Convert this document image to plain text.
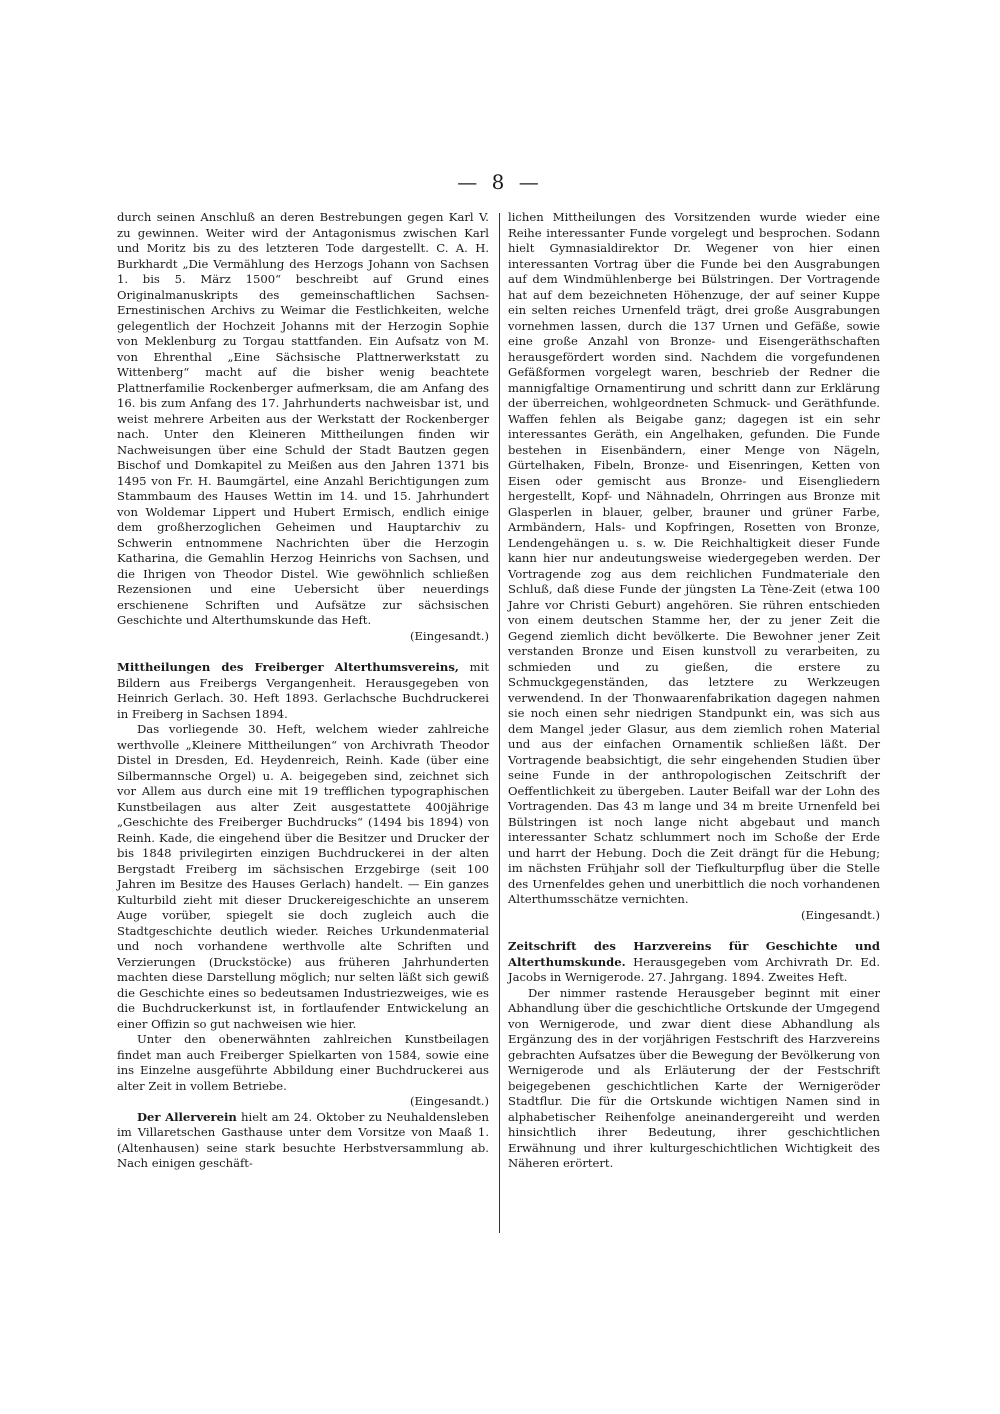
— 8 —

durch seinen Anschluß an deren Bestrebungen gegen Karl V. zu gewinnen. Weiter wird der Antagonismus zwischen Karl und Moritz bis zu des letzteren Tode dargestellt. C. A. H. Burkhardt „Die Vermählung des Herzogs Johann von Sachsen 1. bis 5. März 1500“ beschreibt auf Grund eines Originalmanuskripts des gemeinschaftlichen Sachsen-Ernestinischen Archivs zu Weimar die Festlichkeiten, welche gelegentlich der Hochzeit Johanns mit der Herzogin Sophie von Meklenburg zu Torgau stattfanden. Ein Aufsatz von M. von Ehrenthal „Eine Sächsische Plattnerwerkstatt zu Wittenberg“ macht auf die bisher wenig beachtete Plattnerfamilie Rockenberger aufmerksam, die am Anfang des 16. bis zum Anfang des 17. Jahrhunderts nachweisbar ist, und weist mehrere Arbeiten aus der Werkstatt der Rockenberger nach. Unter den Kleineren Mittheilungen finden wir Nachweisungen über eine Schuld der Stadt Bautzen gegen Bischof und Domkapitel zu Meißen aus den Jahren 1371 bis 1495 von Fr. H. Baumgärtel, eine Anzahl Berichtigungen zum Stammbaum des Hauses Wettin im 14. und 15. Jahrhundert von Woldemar Lippert und Hubert Ermisch, endlich einige dem großherzoglichen Geheimen und Hauptarchiv zu Schwerin entnommene Nachrichten über die Herzogin Katharina, die Gemahlin Herzog Heinrichs von Sachsen, und die Ihrigen von Theodor Distel. Wie gewöhnlich schließen Rezensionen und eine Uebersicht über neuerdings erschienene Schriften und Aufsätze zur sächsischen Geschichte und Alterthumskunde das Heft.

(Eingesandt.)

Mittheilungen des Freiberger Alterthumsvereins, mit Bildern aus Freibergs Vergangenheit. Herausgegeben von Heinrich Gerlach. 30. Heft 1893. Gerlachsche Buchdruckerei in Freiberg in Sachsen 1894.

Das vorliegende 30. Heft, welchem wieder zahlreiche werthvolle „Kleinere Mittheilungen“ von Archivrath Theodor Distel in Dresden, Ed. Heydenreich, Reinh. Kade (über eine Silbermannsche Orgel) u. A. beigegeben sind, zeichnet sich vor Allem aus durch eine mit 19 trefflichen typographischen Kunstbeilagen aus alter Zeit ausgestattete 400jährige „Geschichte des Freiberger Buchdrucks“ (1494 bis 1894) von Reinh. Kade, die eingehend über die Besitzer und Drucker der bis 1848 privilegirten einzigen Buchdruckerei in der alten Bergstadt Freiberg im sächsischen Erzgebirge (seit 100 Jahren im Besitze des Hauses Gerlach) handelt. — Ein ganzes Kulturbild zieht mit dieser Druckereigeschichte an unserem Auge vorüber, spiegelt sie doch zugleich auch die Stadtgeschichte deutlich wieder. Reiches Urkundenmaterial und noch vorhandene werthvolle alte Schriften und Verzierungen (Druckstöcke) aus früheren Jahrhunderten machten diese Darstellung möglich; nur selten läßt sich gewiß die Geschichte eines so bedeutsamen Industriezweiges, wie es die Buchdruckerkunst ist, in fortlaufender Entwickelung an einer Offizin so gut nachweisen wie hier.

Unter den obenerwähnten zahlreichen Kunstbeilagen findet man auch Freiberger Spielkarten von 1584, sowie eine ins Einzelne ausgeführte Abbildung einer Buchdruckerei aus alter Zeit in vollem Betriebe.

(Eingesandt.)

Der Allerverein hielt am 24. Oktober zu Neuhaldensleben im Villaretschen Gasthause unter dem Vorsitze von Maaß 1. (Altenhausen) seine stark besuchte Herbstversammlung ab. Nach einigen geschäft-

lichen Mittheilungen des Vorsitzenden wurde wieder eine Reihe interessanter Funde vorgelegt und besprochen. Sodann hielt Gymnasialdirektor Dr. Wegener von hier einen interessanten Vortrag über die Funde bei den Ausgrabungen auf dem Windmühlenberge bei Bülstringen. Der Vortragende hat auf dem bezeichneten Höhenzuge, der auf seiner Kuppe ein selten reiches Urnenfeld trägt, drei große Ausgrabungen vornehmen lassen, durch die 137 Urnen und Gefäße, sowie eine große Anzahl von Bronze- und Eisengeräthschaften herausgefördert worden sind. Nachdem die vorgefundenen Gefäßformen vorgelegt waren, beschrieb der Redner die mannigfaltige Ornamentirung und schritt dann zur Erklärung der überreichen, wohlgeordneten Schmuck- und Geräthfunde. Waffen fehlen als Beigabe ganz; dagegen ist ein sehr interessantes Geräth, ein Angelhaken, gefunden. Die Funde bestehen in Eisenbändern, einer Menge von Nägeln, Gürtelhaken, Fibeln, Bronze- und Eisenringen, Ketten von Eisen oder gemischt aus Bronze- und Eisengliedern hergestellt, Kopf- und Nähnadeln, Ohrringen aus Bronze mit Glasperlen in blauer, gelber, brauner und grüner Farbe, Armbändern, Hals- und Kopfringen, Rosetten von Bronze, Lendengehängen u. s. w. Die Reichhaltigkeit dieser Funde kann hier nur andeutungsweise wiedergegeben werden. Der Vortragende zog aus dem reichlichen Fundmateriale den Schluß, daß diese Funde der jüngsten La Tène-Zeit (etwa 100 Jahre vor Christi Geburt) angehören. Sie rühren entschieden von einem deutschen Stamme her, der zu jener Zeit die Gegend ziemlich dicht bevölkerte. Die Bewohner jener Zeit verstanden Bronze und Eisen kunstvoll zu verarbeiten, zu schmieden und zu gießen, die erstere zu Schmuckgegenständen, das letztere zu Werkzeugen verwendend. In der Thonwaarenfabrikation dagegen nahmen sie noch einen sehr niedrigen Standpunkt ein, was sich aus dem Mangel jeder Glasur, aus dem ziemlich rohen Material und aus der einfachen Ornamentik schließen läßt. Der Vortragende beabsichtigt, die sehr eingehenden Studien über seine Funde in der anthropologischen Zeitschrift der Oeffentlichkeit zu übergeben. Lauter Beifall war der Lohn des Vortragenden. Das 43 m lange und 34 m breite Urnenfeld bei Bülstringen ist noch lange nicht abgebaut und manch interessanter Schatz schlummert noch im Schoße der Erde und harrt der Hebung. Doch die Zeit drängt für die Hebung; im nächsten Frühjahr soll der Tiefkulturpflug über die Stelle des Urnenfeldes gehen und unerbittlich die noch vorhandenen Alterthumsschätze vernichten.

(Eingesandt.)

Zeitschrift des Harzvereins für Geschichte und Alterthumskunde. Herausgegeben vom Archivrath Dr. Ed. Jacobs in Wernigerode. 27. Jahrgang. 1894. Zweites Heft.

Der nimmer rastende Herausgeber beginnt mit einer Abhandlung über die geschichtliche Ortskunde der Umgegend von Wernigerode, und zwar dient diese Abhandlung als Ergänzung des in der vorjährigen Festschrift des Harzvereins gebrachten Aufsatzes über die Bewegung der Bevölkerung von Wernigerode und als Erläuterung der der Festschrift beigegebenen geschichtlichen Karte der Wernigeröder Stadtflur. Die für die Ortskunde wichtigen Namen sind in alphabetischer Reihenfolge aneinandergereiht und werden hinsichtlich ihrer Bedeutung, ihrer geschichtlichen Erwähnung und ihrer kulturgeschichtlichen Wichtigkeit des Näheren erörtert.
